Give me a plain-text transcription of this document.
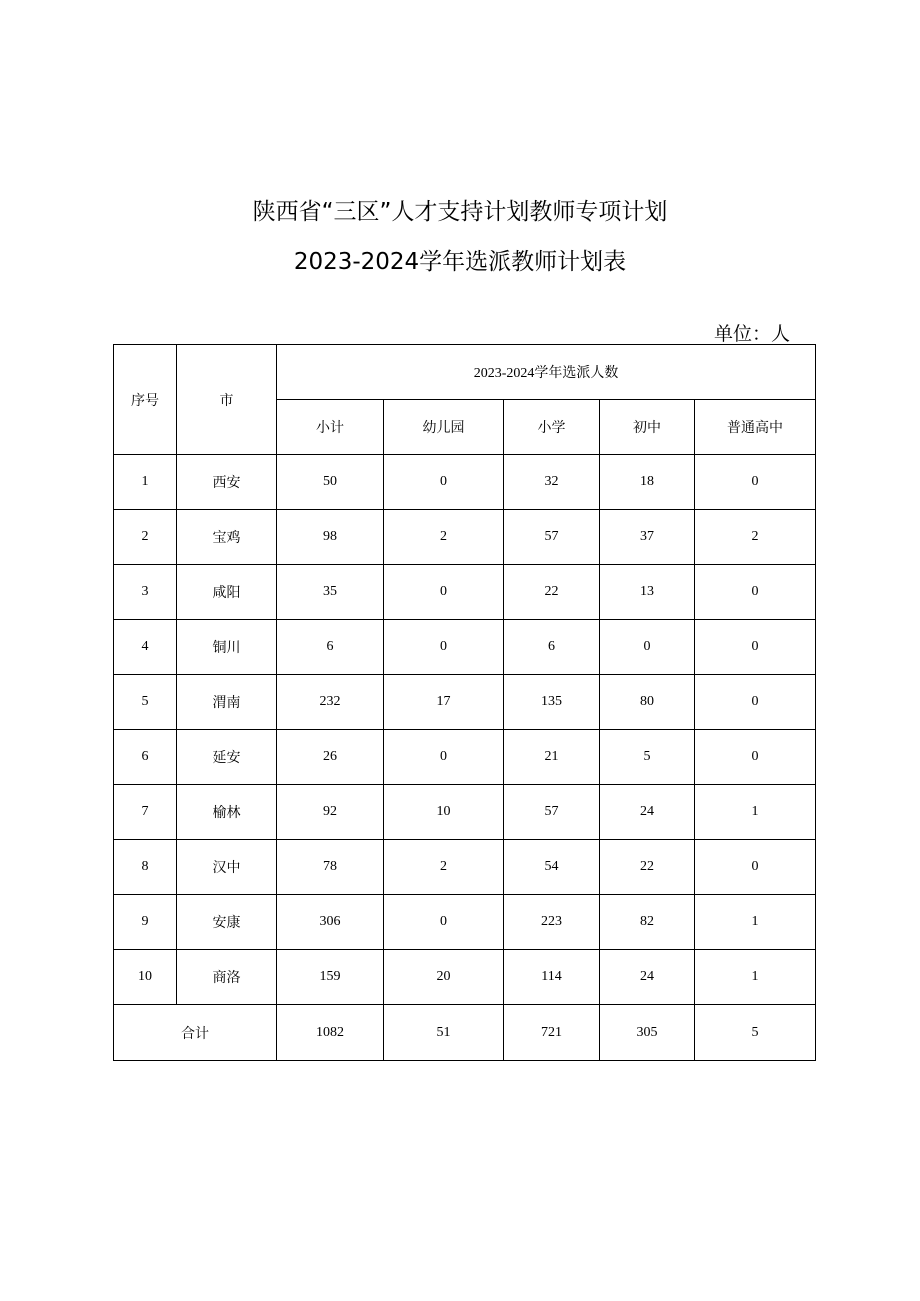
陕西省“三区”人才支持计划教师专项计划
2023-2024学年选派教师计划表
单位：人
序号	市	2023-2024学年选派人数				
		小计	幼儿园	小学	初中	普通高中
1	西安	50	0	32	18	0
2	宝鸡	98	2	57	37	2
3	咸阳	35	0	22	13	0
4	铜川	6	0	6	0	0
5	渭南	232	17	135	80	0
6	延安	26	0	21	5	0
7	榆林	92	10	57	24	1
8	汉中	78	2	54	22	0
9	安康	306	0	223	82	1
10	商洛	159	20	114	24	1
合计		1082	51	721	305	5
